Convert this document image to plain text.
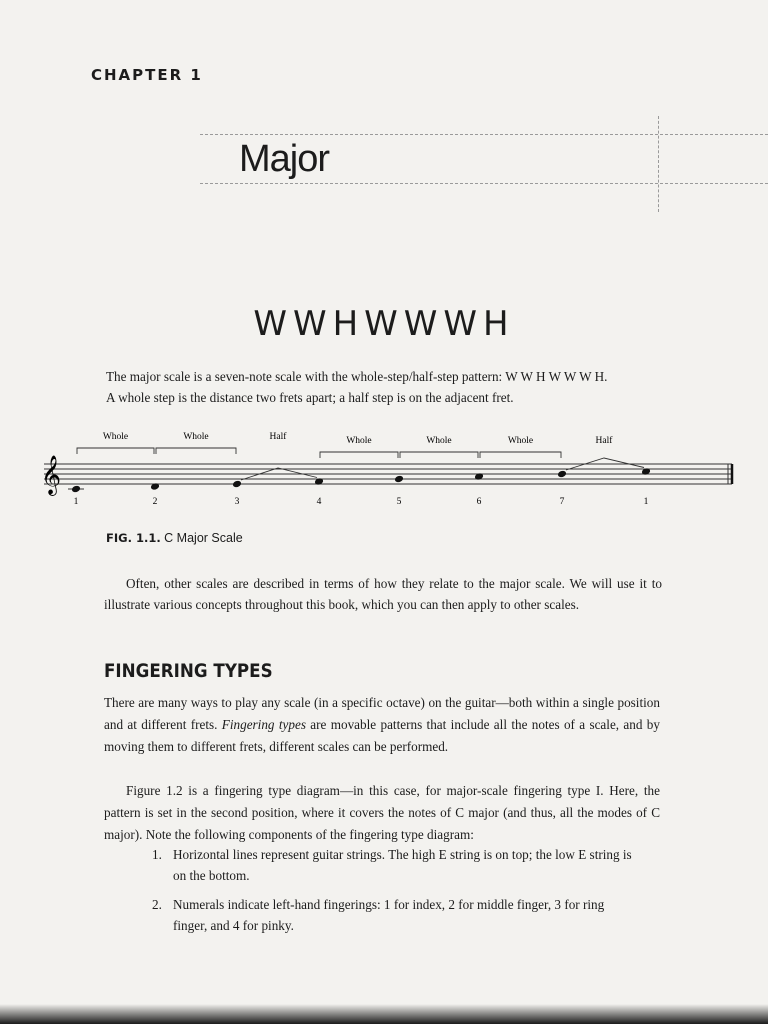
CHAPTER 1
Major
WWHWWWH
The major scale is a seven-note scale with the whole-step/half-step pattern: W W H W W W H.
A whole step is the distance two frets apart; a half step is on the adjacent fret.
𝄞
1	2	3	4	5	6	7	1
Whole	Whole	Half	Whole	Whole	Whole	Half
FIG. 1.1. C Major Scale
Often, other scales are described in terms of how they relate to the major scale. We will use it to illustrate various concepts throughout this book, which you can then apply to other scales.
FINGERING TYPES
There are many ways to play any scale (in a specific octave) on the guitar—both within a single position and at different frets. Fingering types are movable patterns that include all the notes of a scale, and by moving them to different frets, different scales can be performed.
Figure 1.2 is a fingering type diagram—in this case, for major-scale fingering type I. Here, the pattern is set in the second position, where it covers the notes of C major (and thus, all the modes of C major). Note the following components of the fingering type diagram:
1. Horizontal lines represent guitar strings. The high E string is on top; the low E string is on the bottom.
2. Numerals indicate left-hand fingerings: 1 for index, 2 for middle finger, 3 for ring finger, and 4 for pinky.
